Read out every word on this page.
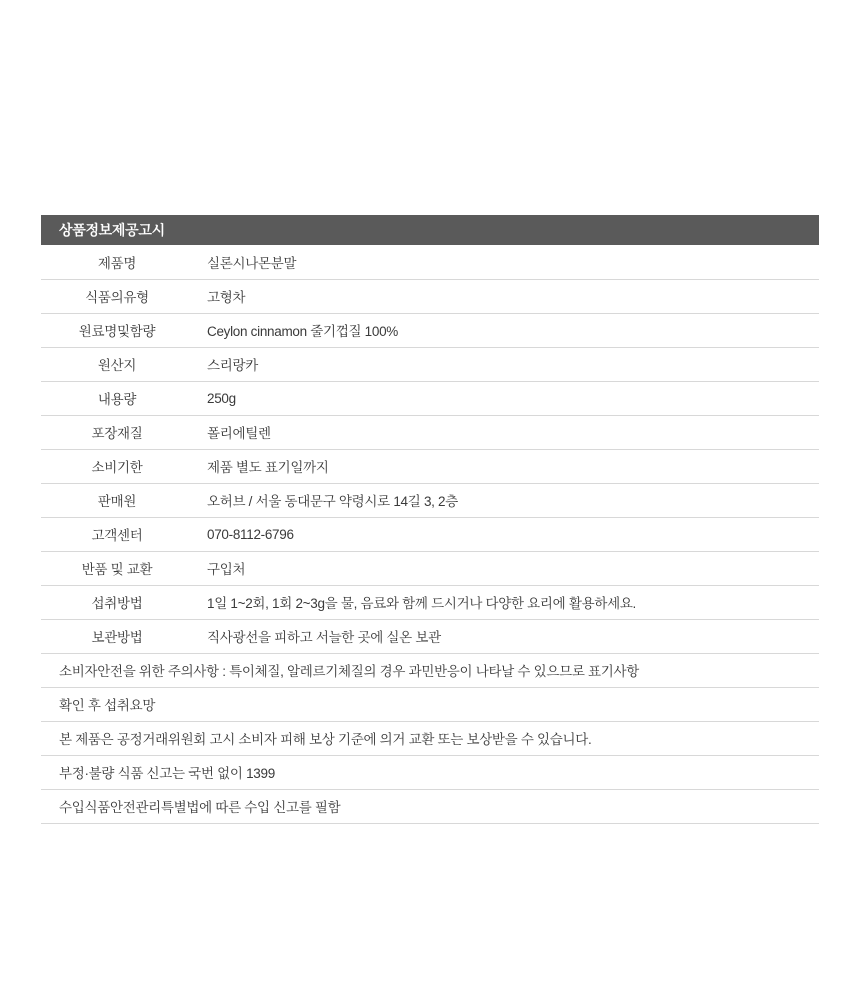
상품정보제공고시
제품명	실론시나몬분말
식품의유형	고형차
원료명및함량	Ceylon cinnamon 줄기껍질 100%
원산지	스리랑카
내용량	250g
포장재질	폴리에틸렌
소비기한	제품 별도 표기일까지
판매원	오허브 / 서울 동대문구 약령시로 14길 3, 2층
고객센터	070-8112-6796
반품 및 교환	구입처
섭취방법	1일 1~2회, 1회 2~3g을 물, 음료와 함께 드시거나 다양한 요리에 활용하세요.
보관방법	직사광선을 피하고 서늘한 곳에 실온 보관
소비자안전을 위한 주의사항 : 특이체질, 알레르기체질의 경우 과민반응이 나타날 수 있으므로 표기사항	
확인 후 섭취요망	
본 제품은 공정거래위원회 고시 소비자 피해 보상 기준에 의거 교환 또는 보상받을 수 있습니다.	
부정·불량 식품 신고는 국번 없이 1399	
수입식품안전관리특별법에 따른 수입 신고를 필함	
